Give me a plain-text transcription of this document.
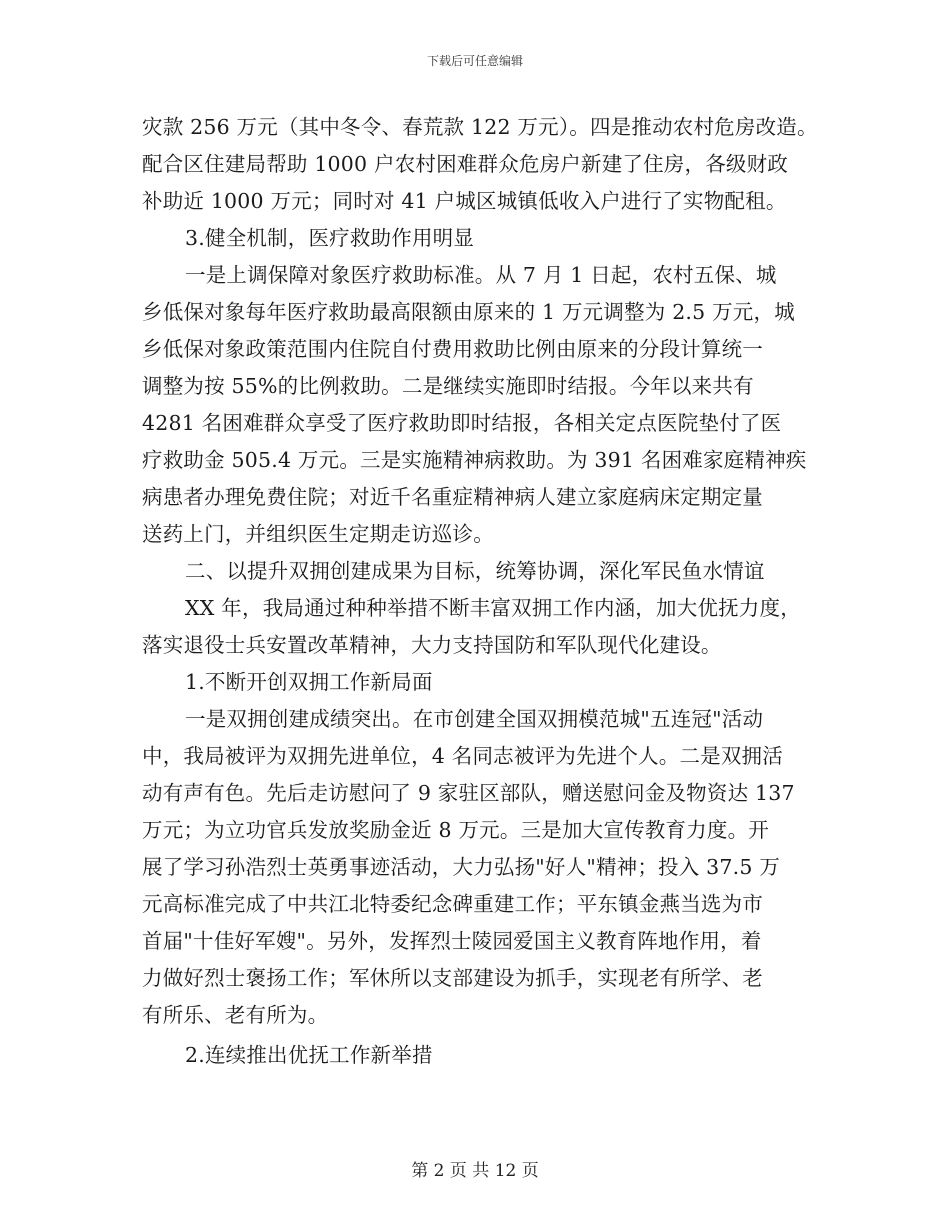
下载后可任意编辑
灾款 256 万元（其中冬令、春荒款 122 万元）。四是推动农村危房改造。
配合区住建局帮助 1000 户农村困难群众危房户新建了住房，各级财政
补助近 1000 万元；同时对 41 户城区城镇低收入户进行了实物配租。
3.健全机制，医疗救助作用明显
一是上调保障对象医疗救助标准。从 7 月 1 日起，农村五保、城
乡低保对象每年医疗救助最高限额由原来的 1 万元调整为 2.5 万元，城
乡低保对象政策范围内住院自付费用救助比例由原来的分段计算统一
调整为按 55%的比例救助。二是继续实施即时结报。今年以来共有
4281 名困难群众享受了医疗救助即时结报，各相关定点医院垫付了医
疗救助金 505.4 万元。三是实施精神病救助。为 391 名困难家庭精神疾
病患者办理免费住院；对近千名重症精神病人建立家庭病床定期定量
送药上门，并组织医生定期走访巡诊。
二、以提升双拥创建成果为目标，统筹协调，深化军民鱼水情谊
XX 年，我局通过种种举措不断丰富双拥工作内涵，加大优抚力度，
落实退役士兵安置改革精神，大力支持国防和军队现代化建设。
1.不断开创双拥工作新局面
一是双拥创建成绩突出。在市创建全国双拥模范城"五连冠"活动
中，我局被评为双拥先进单位，4 名同志被评为先进个人。二是双拥活
动有声有色。先后走访慰问了 9 家驻区部队，赠送慰问金及物资达 137
万元；为立功官兵发放奖励金近 8 万元。三是加大宣传教育力度。开
展了学习孙浩烈士英勇事迹活动，大力弘扬"好人"精神；投入 37.5 万
元高标准完成了中共江北特委纪念碑重建工作；平东镇金燕当选为市
首届"十佳好军嫂"。另外，发挥烈士陵园爱国主义教育阵地作用，着
力做好烈士褒扬工作；军休所以支部建设为抓手，实现老有所学、老
有所乐、老有所为。
2.连续推出优抚工作新举措
第 2 页 共 12 页
